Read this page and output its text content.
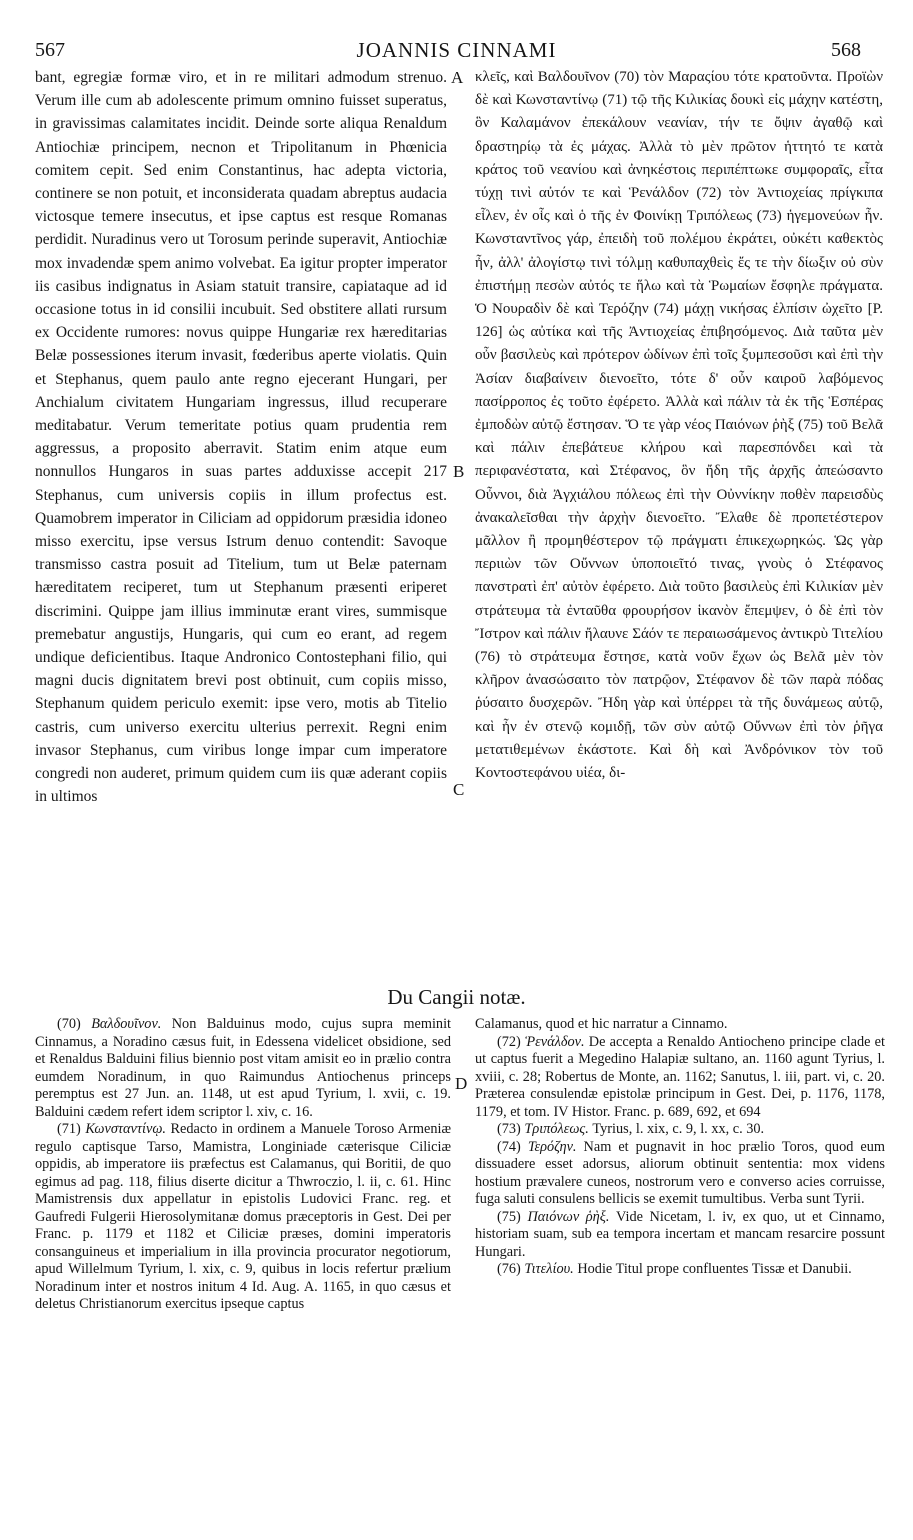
567	JOANNIS CINNAMI	568

bant, egregiæ formæ viro, et in re militari admodum strenuo. Verum ille cum ab adolescente primum omnino fuisset superatus, in gravissimas calamitates incidit. Deinde sorte aliqua Renaldum Antiochiæ principem, necnon et Tripolitanum in Phœnicia comitem cepit. Sed enim Constantinus, hac adepta victoria, continere se non potuit, et inconsiderata quadam abreptus audacia victosque temere insecutus, et ipse captus est resque Romanas perdidit. Nuradinus vero ut Torosum perinde superavit, Antiochiæ mox invadendæ spem animo volvebat. Ea igitur propter imperator iis casibus indignatus in Asiam statuit transire, capiataque ad id occasione totus in id consilii incubuit. Sed obstitere allati rursum ex Occidente rumores: novus quippe Hungariæ rex hæreditarias Belæ possessiones iterum invasit, fœderibus aperte violatis. Quin et Stephanus, quem paulo ante regno ejecerant Hungari, per Anchialum civitatem Hungariam ingressus, illud recuperare meditabatur. Verum temeritate potius quam prudentia rem aggressus, a proposito aberravit. Statim enim atque eum nonnullos Hungaros in suas partes adduxisse accepit 217 Stephanus, cum universis copiis in illum profectus est. Quamobrem imperator in Ciliciam ad oppidorum præsidia idoneo misso exercitu, ipse versus Istrum denuo contendit: Savoque transmisso castra posuit ad Titelium, tum ut Belæ paternam hæreditatem reciperet, tum ut Stephanum præsenti eriperet discrimini. Quippe jam illius imminutæ erant vires, summisque premebatur angustijs, Hungaris, qui cum eo erant, ad regem undique deficientibus. Itaque Andronico Contostephani filio, qui magni ducis dignitatem brevi post obtinuit, cum copiis misso, Stephanum quidem periculo exemit: ipse vero, motis ab Titelio castris, cum universo exercitu ulterius perrexit. Regni enim invasor Stephanus, cum viribus longe impar cum imperatore congredi non auderet, primum quidem cum iis quæ aderant copiis in ultimos

A
B
C

κλεῖς, καὶ Βαλδουῖνον (70) τὸν Μαραςίου τότε κρατοῦντα. Προϊὼν δὲ καὶ Κωνσταντίνῳ (71) τῷ τῆς Κιλικίας δουκὶ εἰς μάχην κατέστη, ὃν Καλαμάνον ἐπεκάλουν νεανίαν, τήν τε ὄψιν ἀγαθῷ καὶ δραστηρίῳ τὰ ἐς μάχας. Ἀλλὰ τὸ μὲν πρῶτον ἡττητό τε κατὰ κράτος τοῦ νεανίου καὶ ἀνηκέστοις περιπέπτωκε συμφοραῖς, εἶτα τύχῃ τινὶ αὐτόν τε καὶ Ῥενάλδον (72) τὸν Ἀντιοχείας πρίγκιπα εἷλεν, ἐν οἷς καὶ ὁ τῆς ἐν Φοινίκῃ Τριπόλεως (73) ἡγεμονεύων ἦν. Κωνσταντῖνος γάρ, ἐπειδὴ τοῦ πολέμου ἐκράτει, οὐκέτι καθεκτὸς ἦν, ἀλλ' ἀλογίστῳ τινὶ τόλμῃ καθυπαχθεὶς ἔς τε τὴν δίωξιν οὐ σὺν ἐπιστήμῃ πεσὼν αὐτός τε ἥλω καὶ τὰ Ῥωμαίων ἔσφηλε πράγματα. Ὁ Νουραδὶν δὲ καὶ Τερόζην (74) μάχῃ νικήσας ἐλπίσιν ὠχεῖτο [P. 126] ὡς αὐτίκα καὶ τῆς Ἀντιοχείας ἐπιβησόμενος. Διὰ ταῦτα μὲν οὖν βασιλεὺς καὶ πρότερον ὠδίνων ἐπὶ τοῖς ξυμπεσοῦσι καὶ ἐπὶ τὴν Ἀσίαν διαβαίνειν διενοεῖτο, τότε δ' οὖν καιροῦ λαβόμενος πασίρροπος ἐς τοῦτο ἐφέρετο. Ἀλλὰ καὶ πάλιν τὰ ἐκ τῆς Ἑσπέρας ἐμποδὼν αὐτῷ ἔστησαν. Ὅ τε γὰρ νέος Παιόνων ῥὴξ (75) τοῦ Βελᾶ καὶ πάλιν ἐπεβάτευε κλήρου καὶ παρεσπόνδει καὶ τὰ περιφανέστατα, καὶ Στέφανος, ὃν ἤδη τῆς ἀρχῆς ἀπεώσαντο Οὖννοι, διὰ Ἀγχιάλου πόλεως ἐπὶ τὴν Οὐννίκην ποθὲν παρεισδὺς ἀνακαλεῖσθαι τὴν ἀρχὴν διενοεῖτο. Ἔλαθε δὲ προπετέστερον μᾶλλον ἢ προμηθέστερον τῷ πράγματι ἐπικεχωρηκώς. Ὡς γὰρ περιιὼν τῶν Οὔννων ὑποποιεῖτό τινας, γνοὺς ὁ Στέφανος πανστρατὶ ἐπ' αὐτὸν ἐφέρετο. Διὰ τοῦτο βασιλεὺς ἐπὶ Κιλικίαν μὲν στράτευμα τὰ ἐνταῦθα φρουρήσον ἱκανὸν ἔπεμψεν, ὁ δὲ ἐπὶ τὸν Ἴστρον καὶ πάλιν ἤλαυνε Σάόν τε περαιωσάμενος ἀντικρὺ Τιτελίου (76) τὸ στράτευμα ἔστησε, κατὰ νοῦν ἔχων ὡς Βελᾶ μὲν τὸν κλῆρον ἀνασώσαιτο τὸν πατρῷον, Στέφανον δὲ τῶν παρὰ πόδας ῥύσαιτο δυσχερῶν. Ἤδη γὰρ καὶ ὑπέρρει τὰ τῆς δυνάμεως αὐτῷ, καὶ ἦν ἐν στενῷ κομιδῇ, τῶν σὺν αὐτῷ Οὔννων ἐπὶ τὸν ῥῆγα μετατιθεμένων ἑκάστοτε. Καὶ δὴ καὶ Ἀνδρόνικον τὸν τοῦ Κοντοστεφάνου υἱέα, δι-

Du Cangii notæ.
D

(70) Βαλδουῖνον. Non Balduinus modo, cujus supra meminit Cinnamus, a Noradino cæsus fuit, in Edessena videlicet obsidione, sed et Renaldus Balduini filius biennio post vitam amisit eo in prælio contra eumdem Noradinum, in quo Raimundus Antiochenus princeps peremptus est 27 Jun. an. 1148, ut est apud Tyrium, l. xvii, c. 19. Balduini cædem refert idem scriptor l. xiv, c. 16.

(71) Κωνσταντίνῳ. Redacto in ordinem a Manuele Toroso Armeniæ regulo captisque Tarso, Mamistra, Longiniade cæterisque Ciliciæ oppidis, ab imperatore iis præfectus est Calamanus, qui Boritii, de quo egimus ad pag. 118, filius diserte dicitur a Thwroczio, l. ii, c. 61. Hinc Mamistrensis dux appellatur in epistolis Ludovici Franc. reg. et Gaufredi Fulgerii Hierosolymitanæ domus præceptoris in Gest. Dei per Franc. p. 1179 et 1182 et Ciliciæ præses, domini imperatoris consanguineus et imperialium in illa provincia procurator negotiorum, apud Willelmum Tyrium, l. xix, c. 9, quibus in locis refertur prælium Noradinum inter et nostros initum 4 Id. Aug. A. 1165, in quo cæsus et deletus Christianorum exercitus ipseque captus

Calamanus, quod et hic narratur a Cinnamo.

(72) Ῥενάλδον. De accepta a Renaldo Antiocheno principe clade et ut captus fuerit a Megedino Halapiæ sultano, an. 1160 agunt Tyrius, l. xviii, c. 28; Robertus de Monte, an. 1162; Sanutus, l. iii, part. vi, c. 20. Præterea consulendæ epistolæ principum in Gest. Dei, p. 1176, 1178, 1179, et tom. IV Histor. Franc. p. 689, 692, et 694

(73) Τριπόλεως. Tyrius, l. xix, c. 9, l. xx, c. 30.

(74) Τερόζην. Nam et pugnavit in hoc prælio Toros, quod eum dissuadere esset adorsus, aliorum obtinuit sententia: mox videns hostium prævalere cuneos, nostrorum vero e converso acies corruisse, fuga saluti consulens bellicis se exemit tumultibus. Verba sunt Tyrii.

(75) Παιόνων ῥὴξ. Vide Nicetam, l. iv, ex quo, ut et Cinnamo, historiam suam, sub ea tempora incertam et mancam resarcire possunt Hungari.

(76) Τιτελίου. Hodie Titul prope confluentes Tissæ et Danubii.
